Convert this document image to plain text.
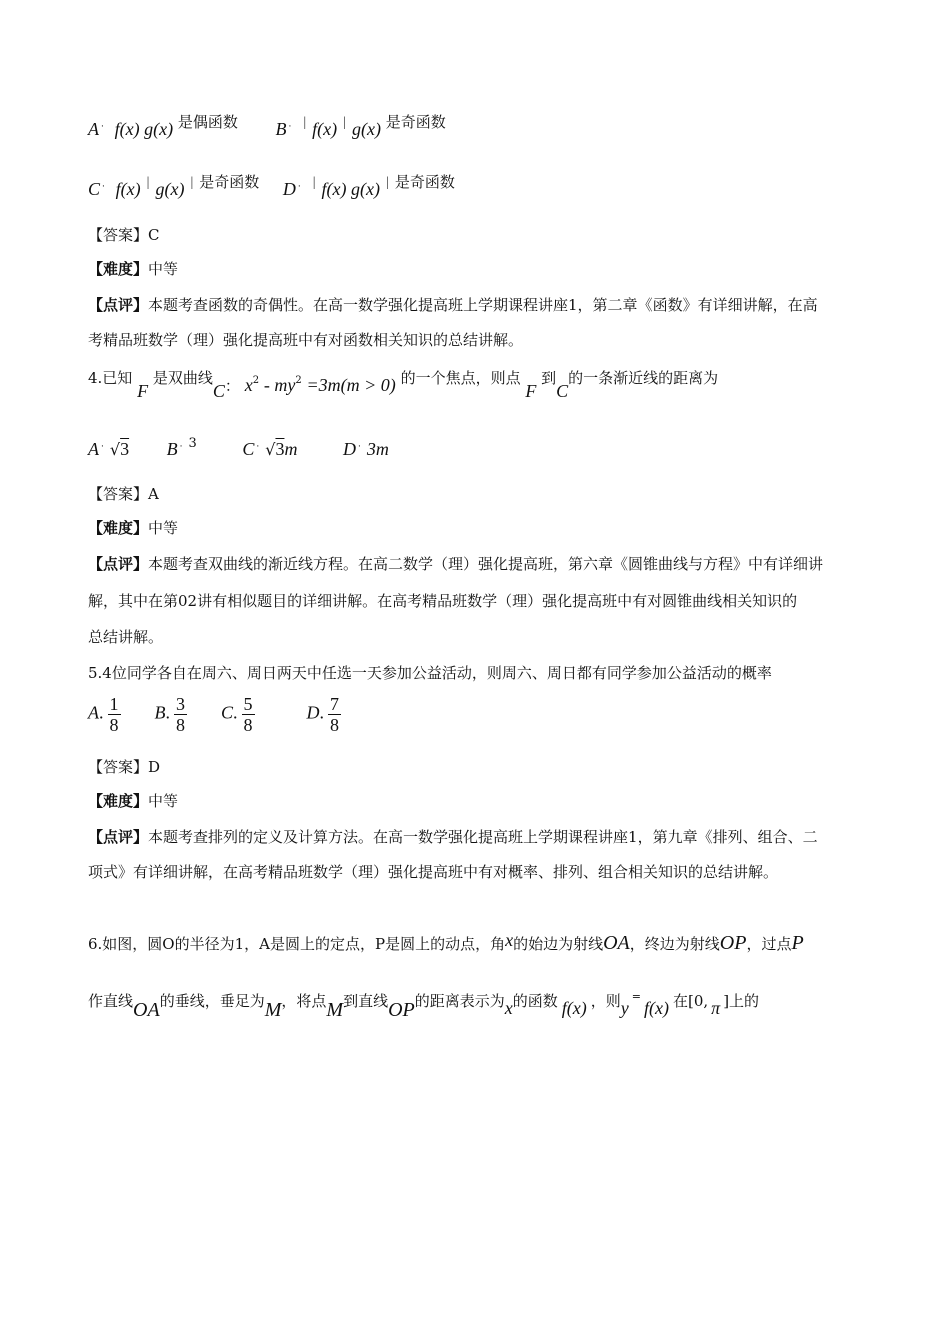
A · f(x) g(x) 是偶函数 B · | f(x) | g(x) 是奇函数
C · f(x) | g(x) | 是奇函数 D · | f(x) g(x) | 是奇函数
【答案】C
【难度】中等
【点评】本题考查函数的奇偶性。在高一数学强化提高班上学期课程讲座1，第二章《函数》有详细讲解，在高
考精品班数学（理）强化提高班中有对函数相关知识的总结讲解。
4.已知 F 是双曲线C： $x^2 - my^2 =3m(m > 0)$ 的一个焦点，则点 F 到C的一条渐近线的距离为
A · √3 B · 3	C · √3m	D · 3m
【答案】A
【难度】中等
【点评】本题考查双曲线的渐近线方程。在高二数学（理）强化提高班，第六章《圆锥曲线与方程》中有详细讲
解，其中在第02讲有相似题目的详细讲解。在高考精品班数学（理）强化提高班中有对圆锥曲线相关知识的
总结讲解。
5.4位同学各自在周六、周日两天中任选一天参加公益活动，则周六、周日都有同学参加公益活动的概率
A. $\frac{1}{8} B$. $\frac{3}{8} C$. $\frac{5}{8}$	D. $\frac{7}{8}$
【答案】D
【难度】中等
【点评】本题考查排列的定义及计算方法。在高一数学强化提高班上学期课程讲座1，第九章《排列、组合、二
项式》有详细讲解，在高考精品班数学（理）强化提高班中有对概率、排列、组合相关知识的总结讲解。
6.如图，圆O的半径为1，A是圆上的定点，P是圆上的动点，角x的始边为射线OA，终边为射线OP，过点P
作直线OA的垂线，垂足为M，将点M到直线OP的距离表示为x的函数 f(x) ，则y=f(x) 在[0, π ]上的
